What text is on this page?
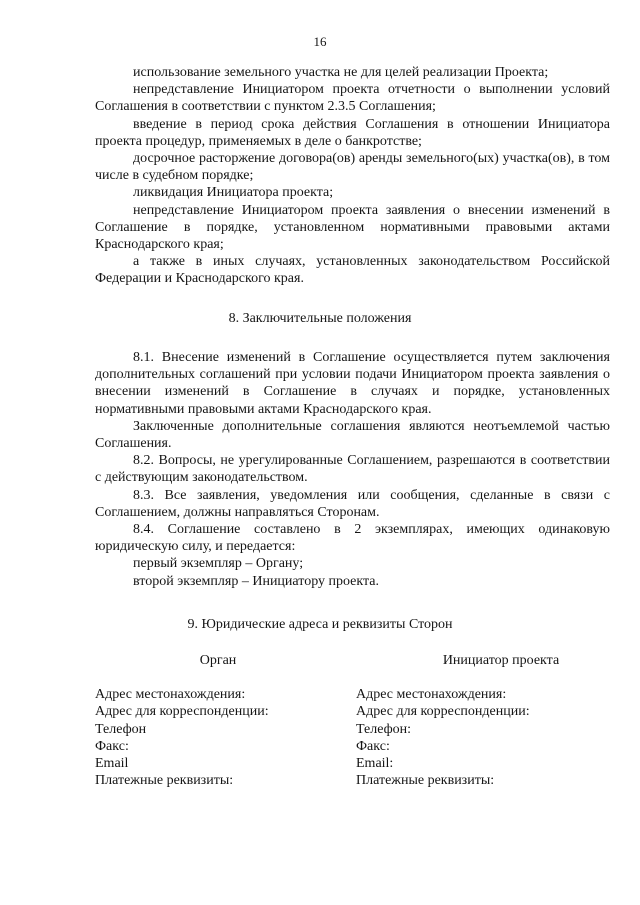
16

использование земельного участка не для целей реализации Проекта;

непредставление Инициатором проекта отчетности о выполнении условий Соглашения в соответствии с пунктом 2.3.5 Соглашения;

введение в период срока действия Соглашения в отношении Инициатора проекта процедур, применяемых в деле о банкротстве;

досрочное расторжение договора(ов) аренды земельного(ых) участка(ов), в том числе в судебном порядке;

ликвидация Инициатора проекта;

непредставление Инициатором проекта заявления о внесении изменений в Соглашение в порядке, установленном нормативными правовыми актами Краснодарского края;

а также в иных случаях, установленных законодательством Российской Федерации и Краснодарского края.

8. Заключительные положения

8.1. Внесение изменений в Соглашение осуществляется путем заключения дополнительных соглашений при условии подачи Инициатором проекта заявления о внесении изменений в Соглашение в случаях и порядке, установленных нормативными правовыми актами Краснодарского края.

Заключенные дополнительные соглашения являются неотъемлемой частью Соглашения.

8.2. Вопросы, не урегулированные Соглашением, разрешаются в соответствии с действующим законодательством.

8.3. Все заявления, уведомления или сообщения, сделанные в связи с Соглашением, должны направляться Сторонам.

8.4. Соглашение составлено в 2 экземплярах, имеющих одинаковую юридическую силу, и передается:

первый экземпляр – Органу;

второй экземпляр – Инициатору проекта.

9. Юридические адреса и реквизиты Сторон
Орган	Инициатор проекта
Адрес местонахождения:
Адрес для корреспонденции:
Телефон
Факс:
Email
Платежные реквизиты:
Адрес местонахождения:
Адрес для корреспонденции:
Телефон:
Факс:
Email:
Платежные реквизиты:
